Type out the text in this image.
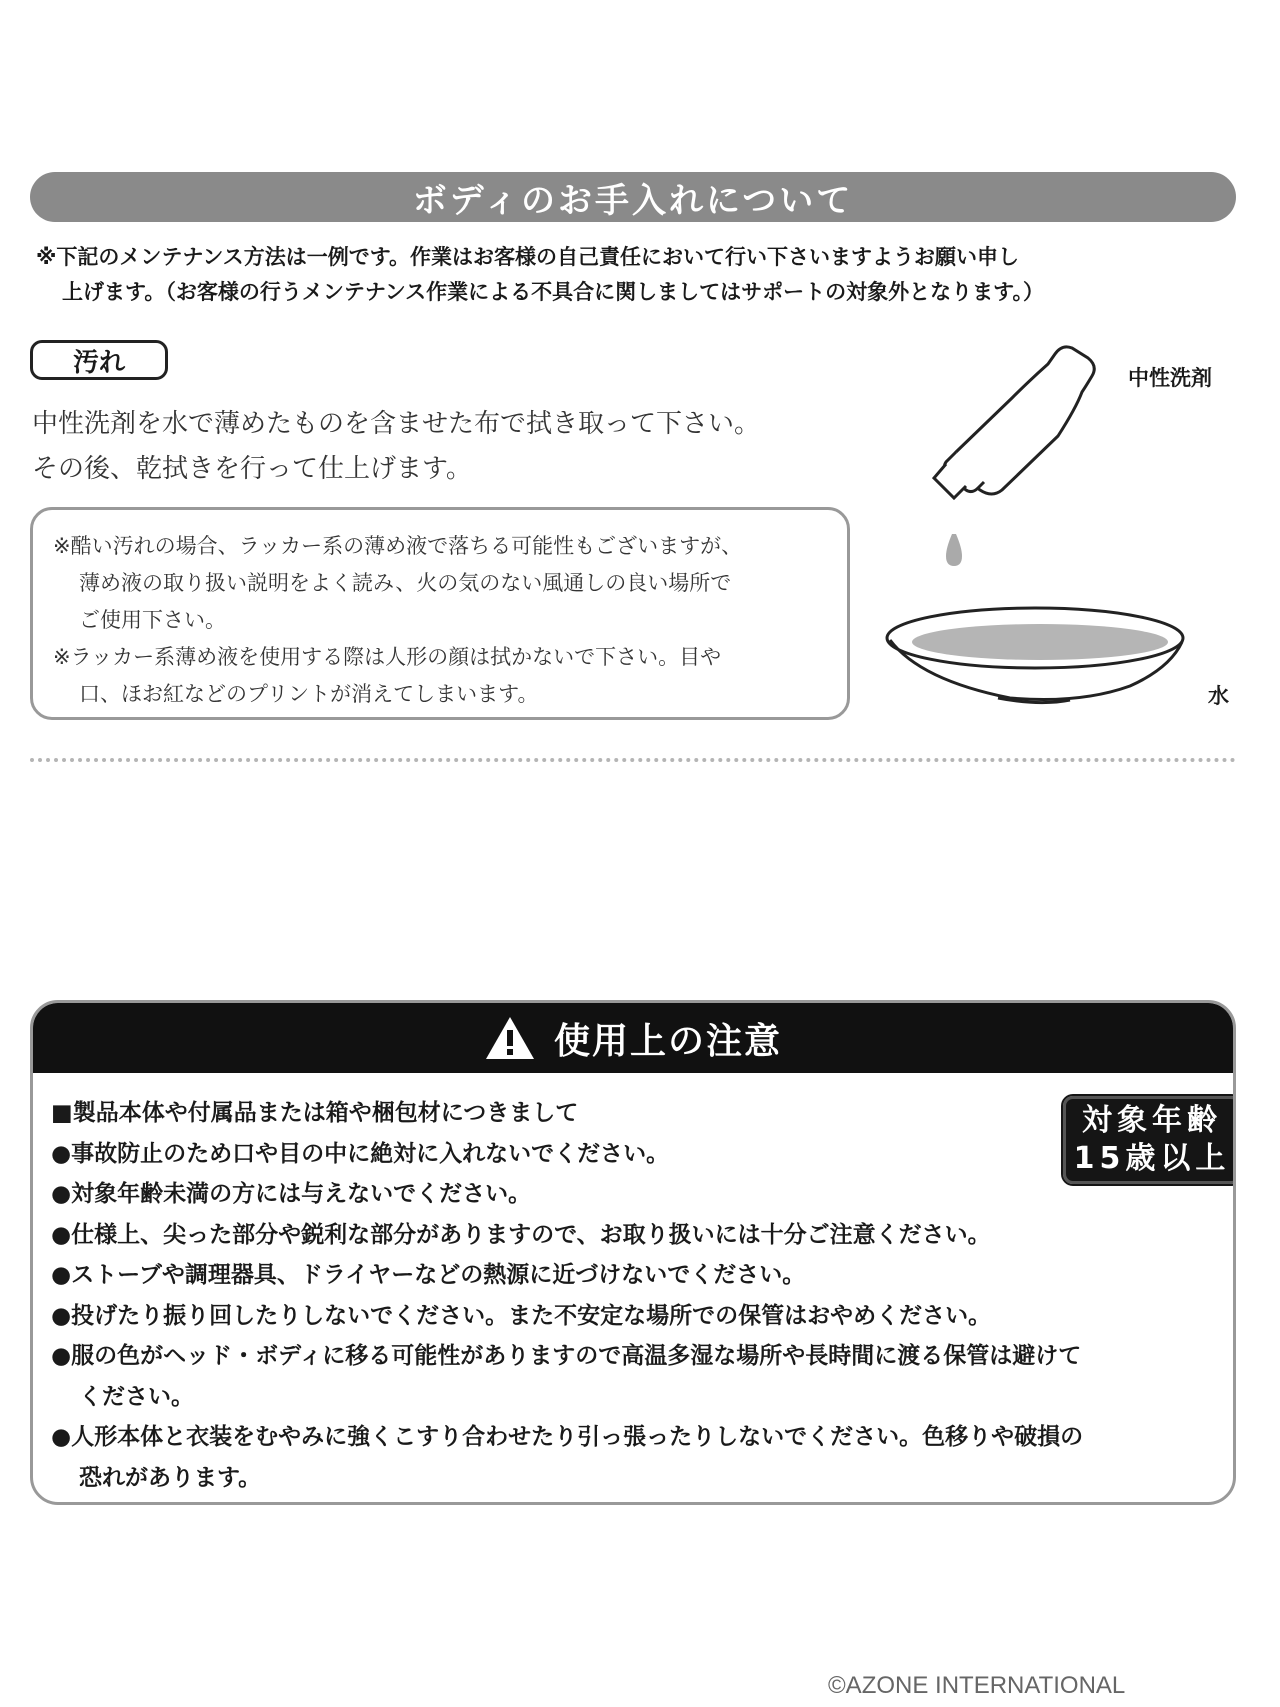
ボディのお手入れについて
※下記のメンテナンス方法は一例です。作業はお客様の自己責任において行い下さいますようお願い申し
上げます。（お客様の行うメンテナンス作業による不具合に関しましてはサポートの対象外となります。）
汚れ
中性洗剤を水で薄めたものを含ませた布で拭き取って下さい。
その後、乾拭きを行って仕上げます。
※酷い汚れの場合、ラッカー系の薄め液で落ちる可能性もございますが、
薄め液の取り扱い説明をよく読み、火の気のない風通しの良い場所で
ご使用下さい。
※ラッカー系薄め液を使用する際は人形の顔は拭かないで下さい。目や
口、ほお紅などのプリントが消えてしまいます。
中性洗剤
水
使用上の注意
■製品本体や付属品または箱や梱包材につきまして
●事故防止のため口や目の中に絶対に入れないでください。
●対象年齢未満の方には与えないでください。
●仕様上、尖った部分や鋭利な部分がありますので、お取り扱いには十分ご注意ください。
●ストーブや調理器具、ドライヤーなどの熱源に近づけないでください。
●投げたり振り回したりしないでください。また不安定な場所での保管はおやめください。
●服の色がヘッド・ボディに移る可能性がありますので高温多湿な場所や長時間に渡る保管は避けて
ください。
●人形本体と衣装をむやみに強くこすり合わせたり引っ張ったりしないでください。色移りや破損の
恐れがあります。
対象年齢
15歳以上
©AZONE INTERNATIONAL
